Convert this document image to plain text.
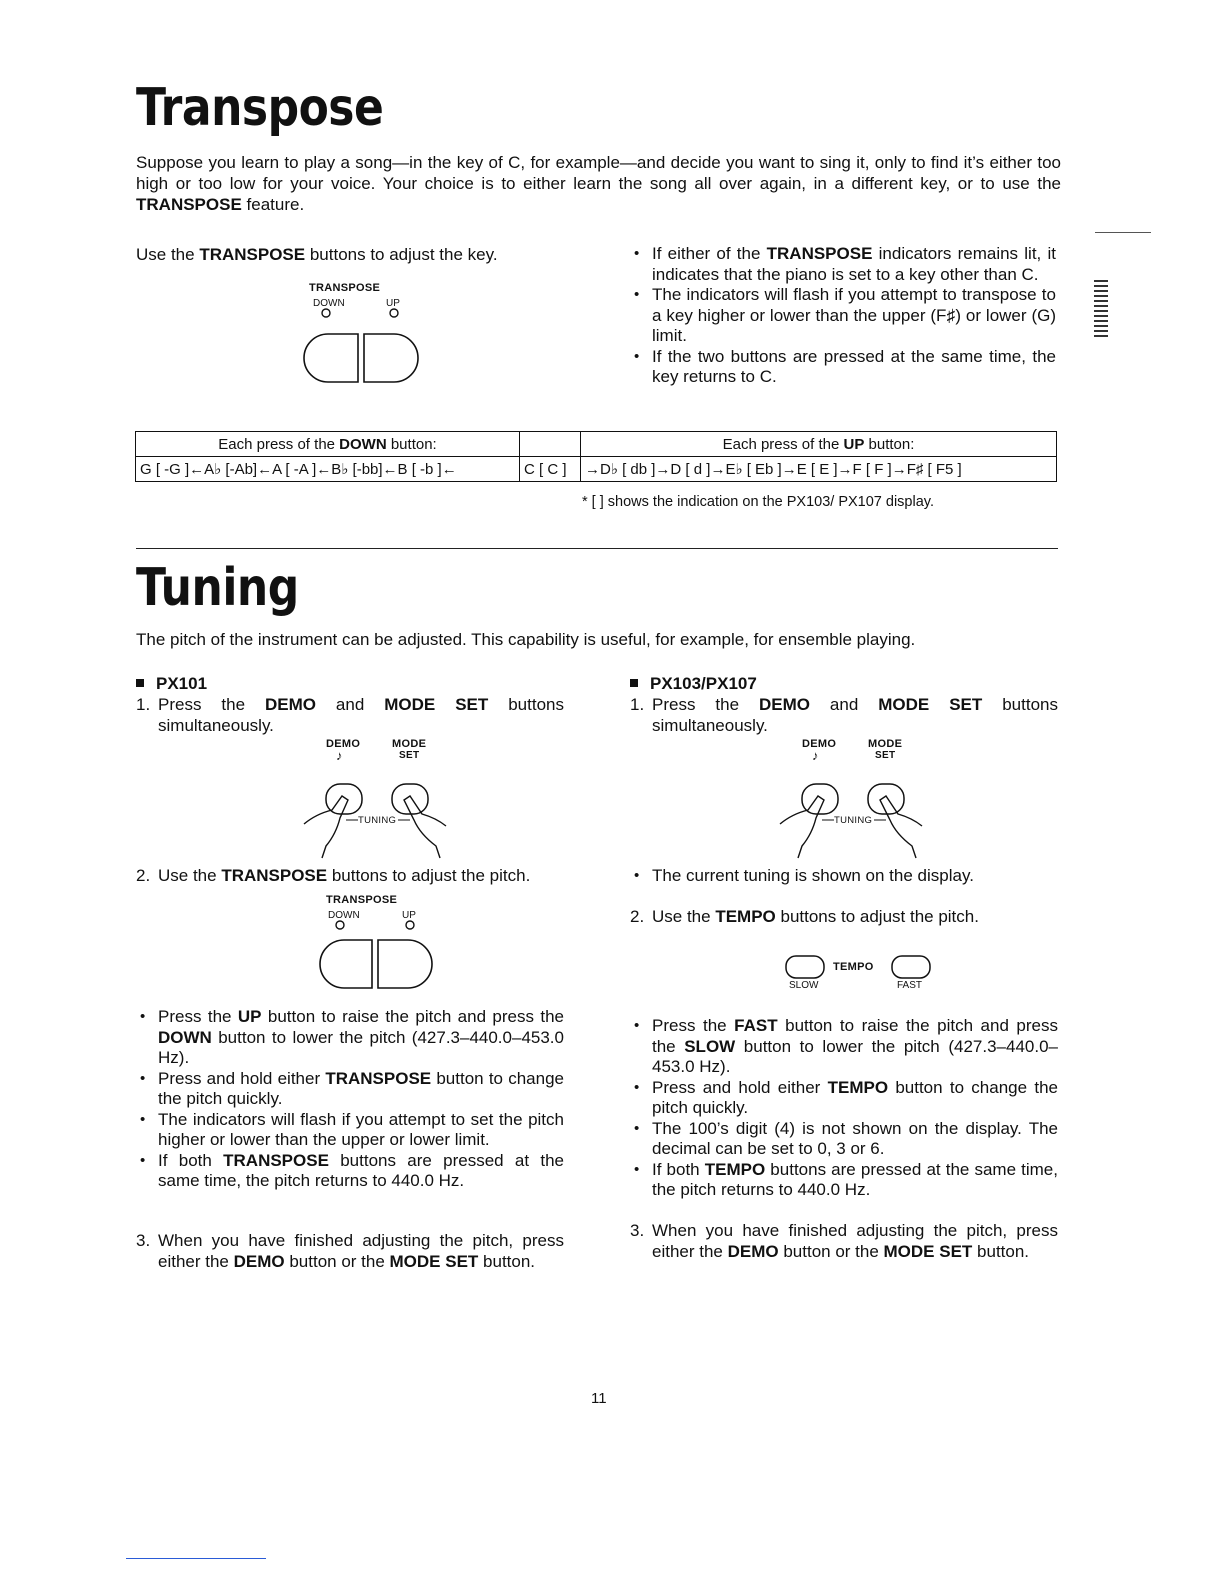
Transpose

Suppose you learn to play a song—in the key of C, for example—and decide you want to sing it, only to find it’s either too high or too low for your voice. Your choice is to either learn the song all over again, in a different key, or to use the TRANSPOSE feature.

Use the TRANSPOSE buttons to adjust the key.

TRANSPOSE
DOWN	UP
• If either of the TRANSPOSE indicators remains lit, it indicates that the piano is set to a key other than C.
• The indicators will flash if you attempt to transpose to a key higher or lower than the upper (F♯) or lower (G) limit.
• If the two buttons are pressed at the same time, the key returns to C.
Each press of the DOWN button:		Each press of the UP button:
G [ -G ]←A♭ [-Ab]←A [ -A ]←B♭ [-bb]←B [ -b ]←	C [ C ]	→D♭ [ db ]→D [ d ]→E♭ [ Eb ]→E [ E ]→F [ F ]→F♯ [ F5 ]
* [ ] shows the indication on the PX103/ PX107 display.
Tuning

The pitch of the instrument can be adjusted. This capability is useful, for example, for ensemble playing.

PX101
1. Press the DEMO and MODE SET buttons simultaneously.
DEMO	MODE
♪	SET
TUNING
2. Use the TRANSPOSE buttons to adjust the pitch.
TRANSPOSE
DOWN	UP
• Press the UP button to raise the pitch and press the DOWN button to lower the pitch (427.3–440.0–453.0 Hz).
• Press and hold either TRANSPOSE button to change the pitch quickly.
• The indicators will flash if you attempt to set the pitch higher or lower than the upper or lower limit.
• If both TRANSPOSE buttons are pressed at the same time, the pitch returns to 440.0 Hz.
3. When you have finished adjusting the pitch, press either the DEMO button or the MODE SET button.
PX103/PX107
1. Press the DEMO and MODE SET buttons simultaneously.
DEMO	MODE
♪	SET
TUNING
• The current tuning is shown on the display.
2. Use the TEMPO buttons to adjust the pitch.
TEMPO
SLOW	FAST
• Press the FAST button to raise the pitch and press the SLOW button to lower the pitch (427.3–440.0–453.0 Hz).
• Press and hold either TEMPO button to change the pitch quickly.
• The 100’s digit (4) is not shown on the display. The decimal can be set to 0, 3 or 6.
• If both TEMPO buttons are pressed at the same time, the pitch returns to 440.0 Hz.
3. When you have finished adjusting the pitch, press either the DEMO button or the MODE SET button.
11
